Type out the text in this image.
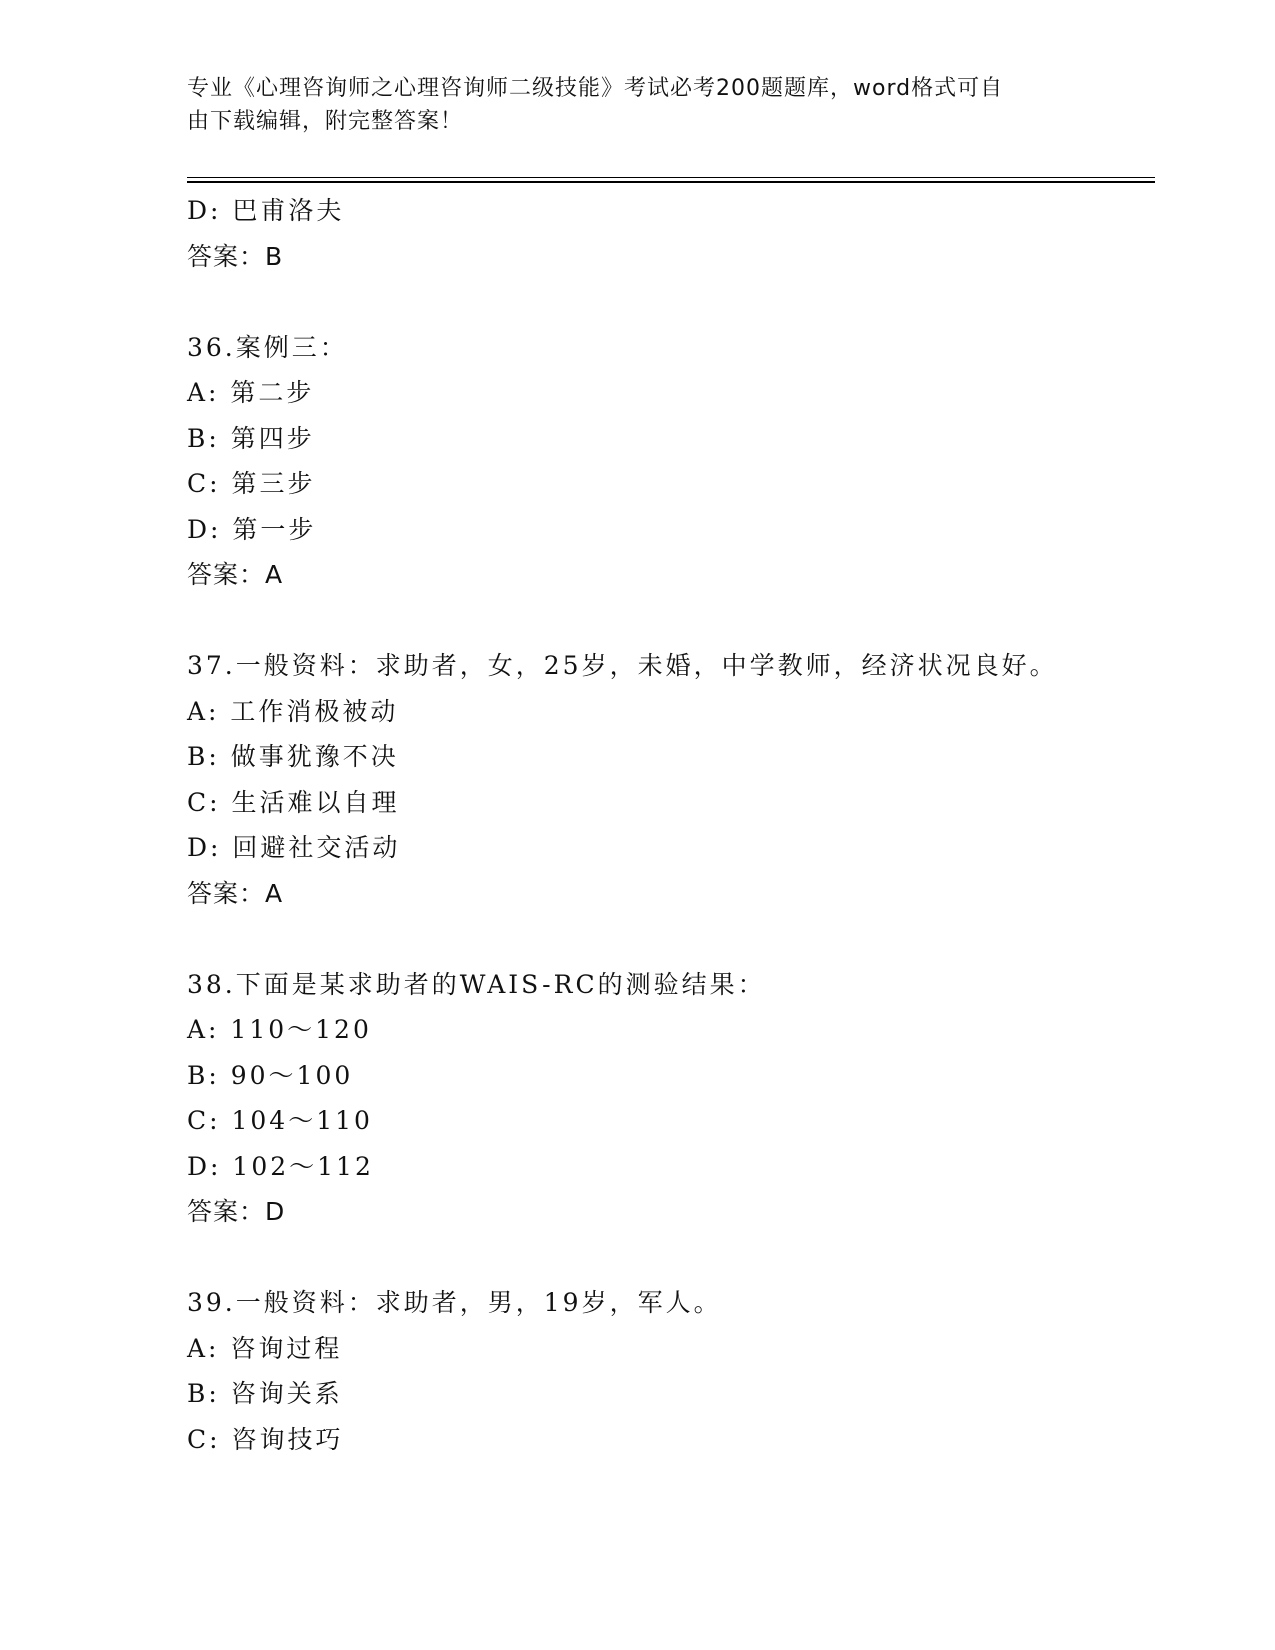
专业《心理咨询师之心理咨询师二级技能》考试必考200题题库，word格式可自
由下载编辑，附完整答案！
D: 巴甫洛夫
答案：B
36.案例三：
A: 第二步
B: 第四步
C: 第三步
D: 第一步
答案：A
37.一般资料：求助者，女，25岁，未婚，中学教师，经济状况良好。
A: 工作消极被动
B: 做事犹豫不决
C: 生活难以自理
D: 回避社交活动
答案：A
38.下面是某求助者的WAIS-RC的测验结果：
A: 110～120
B: 90～100
C: 104～110
D: 102～112
答案：D
39.一般资料：求助者，男，19岁，军人。
A: 咨询过程
B: 咨询关系
C: 咨询技巧
